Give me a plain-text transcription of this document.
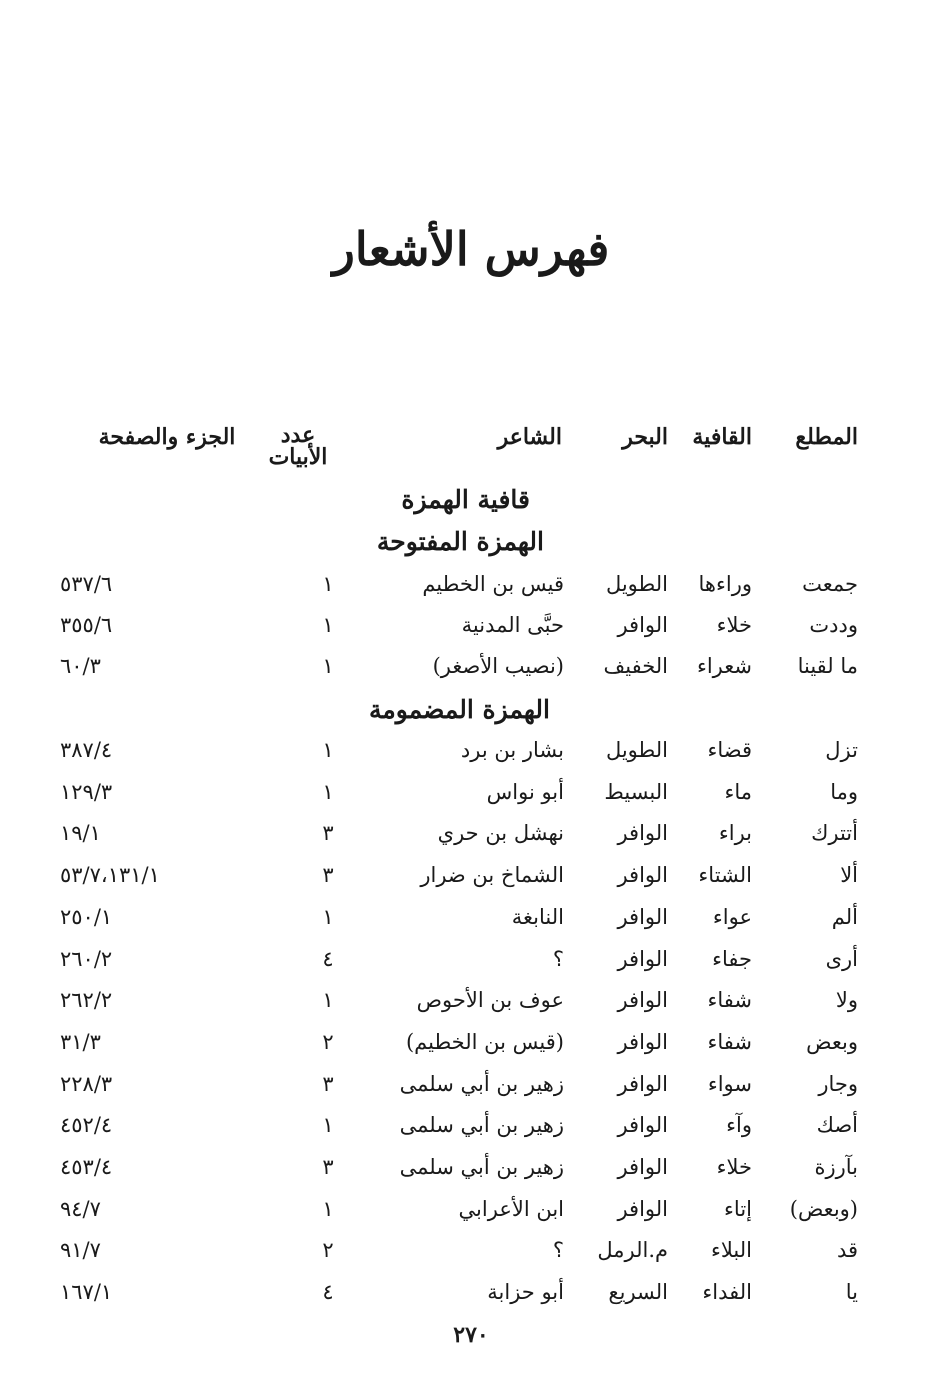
فهرس الأشعار
المطلع
القافية
البحر
الشاعر
عدد
الأبيات
الجزء والصفحة
قافية الهمزة
الهمزة المفتوحة
جمعت
وراءها
الطويل
قيس بن الخطيم
١
٥٣٧/٦
وددت
خلاء
الوافر
حبَّى المدنية
١
٣٥٥/٦
ما لقينا
شعراء
الخفيف
(نصيب الأصغر)
١
٦٠/٣
الهمزة المضمومة
تزل
قضاء
الطويل
بشار بن برد
١
٣٨٧/٤
وما
ماء
البسيط
أبو نواس
١
١٢٩/٣
أتترك
براء
الوافر
نهشل بن حري
٣
١٩/١
ألا
الشتاء
الوافر
الشماخ بن ضرار
٣
٥٣/٧،١٣١/١
ألم
عواء
الوافر
النابغة
١
٢٥٠/١
أرى
جفاء
الوافر
؟
٤
٢٦٠/٢
ولا
شفاء
الوافر
عوف بن الأحوص
١
٢٦٢/٢
وبعض
شفاء
الوافر
(قيس بن الخطيم)
٢
٣١/٣
وجار
سواء
الوافر
زهير بن أبي سلمى
٣
٢٢٨/٣
أصك
وآء
الوافر
زهير بن أبي سلمى
١
٤٥٢/٤
بآرزة
خلاء
الوافر
زهير بن أبي سلمى
٣
٤٥٣/٤
(وبعض)
إتاء
الوافر
ابن الأعرابي
١
٩٤/٧
قد
البلاء
م.الرمل
؟
٢
٩١/٧
يا
الفداء
السريع
أبو حزابة
٤
١٦٧/١
٢٧٠
